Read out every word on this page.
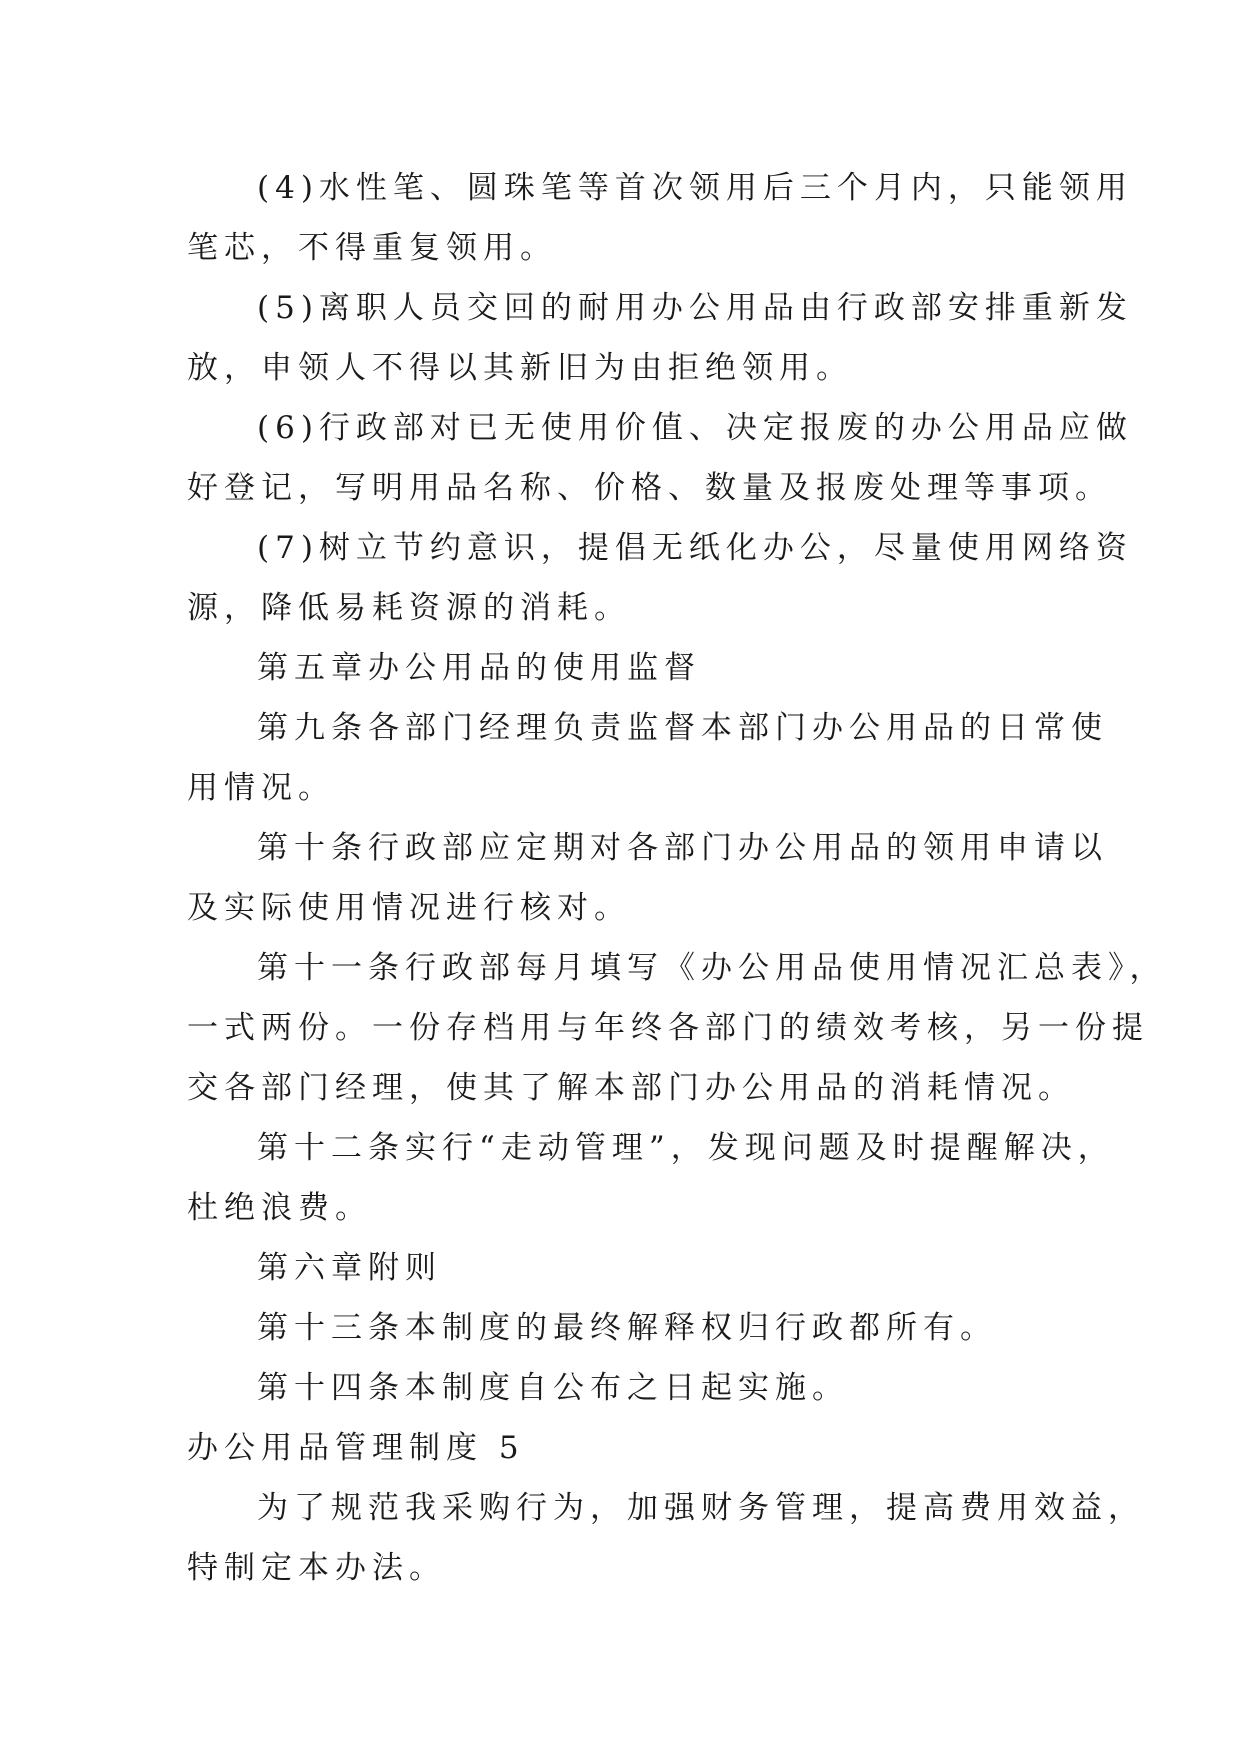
(4)水性笔、圆珠笔等首次领用后三个月内，只能领用

笔芯，不得重复领用。

(5)离职人员交回的耐用办公用品由行政部安排重新发

放，申领人不得以其新旧为由拒绝领用。

(6)行政部对已无使用价值、决定报废的办公用品应做

好登记，写明用品名称、价格、数量及报废处理等事项。

(7)树立节约意识，提倡无纸化办公，尽量使用网络资

源，降低易耗资源的消耗。

第五章办公用品的使用监督

第九条各部门经理负责监督本部门办公用品的日常使

用情况。

第十条行政部应定期对各部门办公用品的领用申请以

及实际使用情况进行核对。

第十一条行政部每月填写《办公用品使用情况汇总表》，

一式两份。一份存档用与年终各部门的绩效考核，另一份提

交各部门经理，使其了解本部门办公用品的消耗情况。

第十二条实行“走动管理”，发现问题及时提醒解决，

杜绝浪费。

第六章附则

第十三条本制度的最终解释权归行政都所有。

第十四条本制度自公布之日起实施。

办公用品管理制度 5

为了规范我采购行为，加强财务管理，提高费用效益，

特制定本办法。
